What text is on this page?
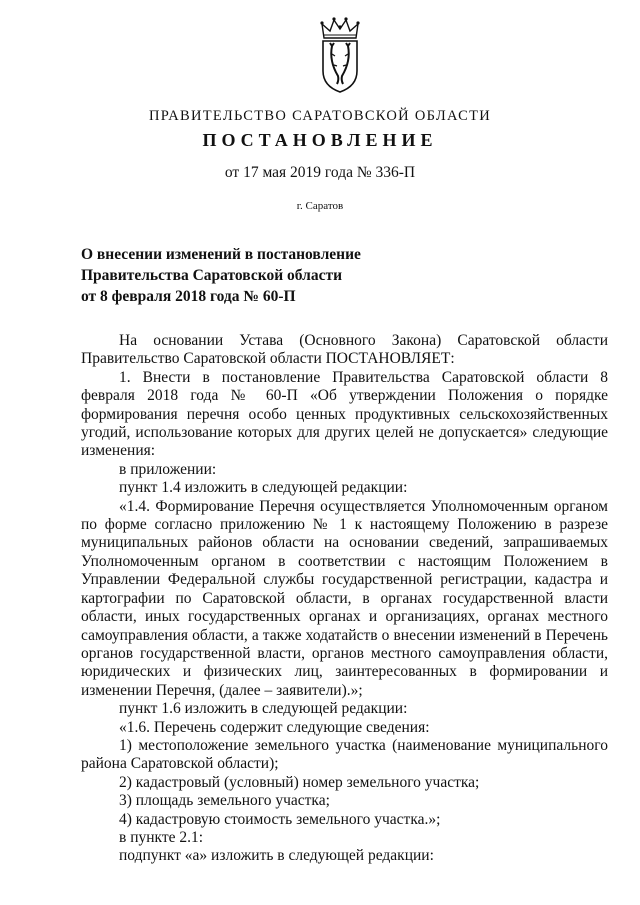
ПРАВИТЕЛЬСТВО САРАТОВСКОЙ ОБЛАСТИ
ПОСТАНОВЛЕНИЕ
от 17 мая 2019 года № 336-П
г. Саратов
О внесении изменений в постановление
Правительства Саратовской области
от 8 февраля 2018 года № 60-П

На основании Устава (Основного Закона) Саратовской области Правительство Саратовской области ПОСТАНОВЛЯЕТ:

1. Внести в постановление Правительства Саратовской области 8 февраля 2018 года № 60-П «Об утверждении Положения о порядке формирования перечня особо ценных продуктивных сельскохозяйственных угодий, использование которых для других целей не допускается» следующие изменения:

в приложении:

пункт 1.4 изложить в следующей редакции:

«1.4. Формирование Перечня осуществляется Уполномоченным органом по форме согласно приложению № 1 к настоящему Положению в разрезе муниципальных районов области на основании сведений, запрашиваемых Уполномоченным органом в соответствии с настоящим Положением в Управлении Федеральной службы государственной регистрации, кадастра и картографии по Саратовской области, в органах государственной власти области, иных государственных органах и организациях, органах местного самоуправления области, а также ходатайств о внесении изменений в Перечень органов государственной власти, органов местного самоуправления области, юридических и физических лиц, заинтересованных в формировании и изменении Перечня, (далее – заявители).»;

пункт 1.6 изложить в следующей редакции:

«1.6. Перечень содержит следующие сведения:

1) местоположение земельного участка (наименование муниципального района Саратовской области);

2) кадастровый (условный) номер земельного участка;

3) площадь земельного участка;

4) кадастровую стоимость земельного участка.»;

в пункте 2.1:

подпункт «а» изложить в следующей редакции:
